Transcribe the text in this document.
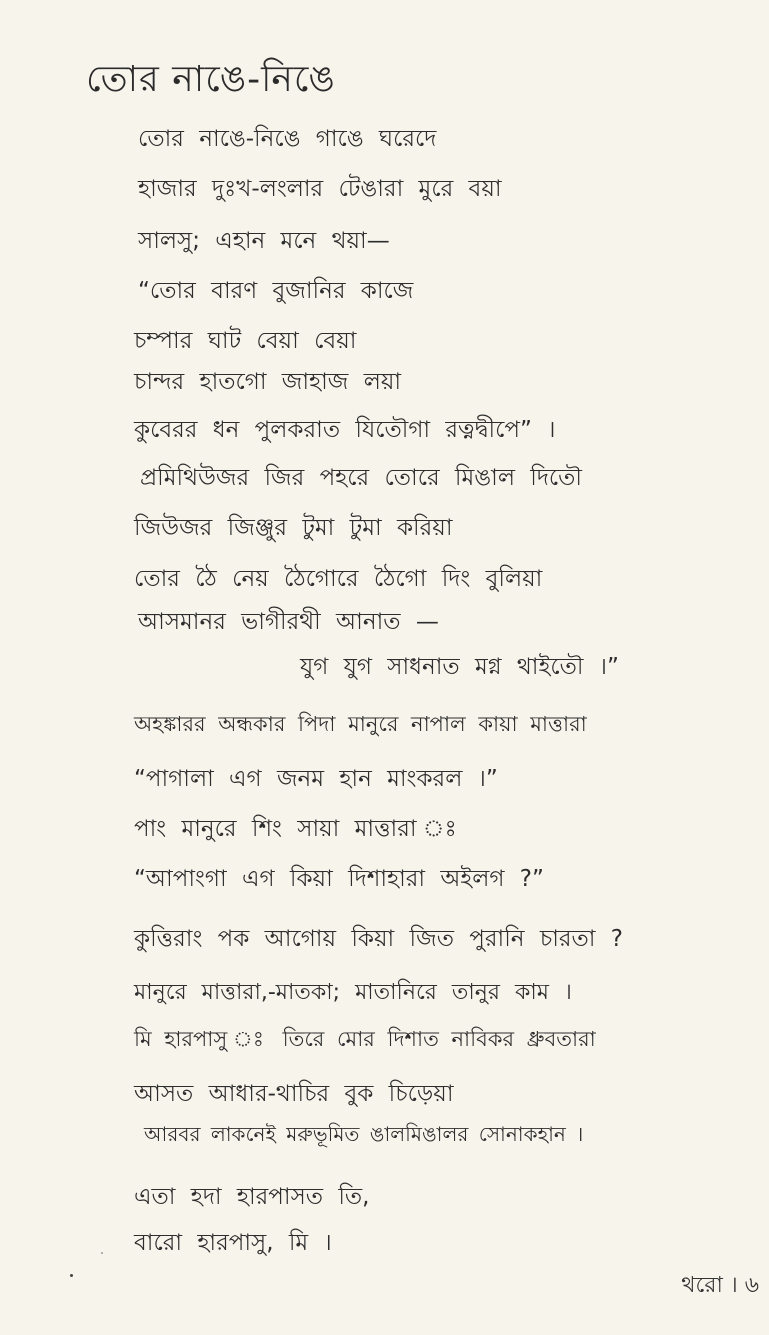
তোর নাঙে-নিঙে
তোর নাঙে-নিঙে গাঙে ঘরেদে
হাজার দুঃখ-লংলার টেঙারা মুরে বয়া
সালসু; এহান মনে থয়া—
“তোর বারণ বুজানির কাজে
চম্পার ঘাট বেয়া বেয়া
চান্দর হাতগো জাহাজ লয়া
কুবেরর ধন পুলকরাত যিতৌগা রত্নদ্বীপে” ।
প্রমিথিউজর জির পহরে তোরে মিঙাল দিতৌ
জিউজর জিঞ্জুর টুমা টুমা করিয়া
তোর ঠৈ নেয় ঠৈগোরে ঠৈগো দিং বুলিয়া
আসমানর ভাগীরথী আনাত —
যুগ যুগ সাধনাত মগ্ন থাইতৌ ।”
অহঙ্কারর অন্ধকার পিদা মানুরে নাপাল কায়া মাত্তারা
“পাগালা এগ জনম হান মাংকরল ।”
পাং মানুরে শিং সায়া মাত্তারা ঃ
“আপাংগা এগ কিয়া দিশাহারা অইলগ ?”
কুত্তিরাং পক আগোয় কিয়া জিত পুরানি চারতা ?
মানুরে মাত্তারা,-মাতকা; মাতানিরে তানুর কাম ।
মি হারপাসু ঃ তিরে মোর দিশাত নাবিকর ধ্রুবতারা
আসত আধার-থাচির বুক চিড়েয়া
আরবর লাকনেই মরুভূমিত ঙালমিঙালর সোনাকহান ।
এতা হদা হারপাসত তি,
বারো হারপাসু, মি ।
থরো । ৬
